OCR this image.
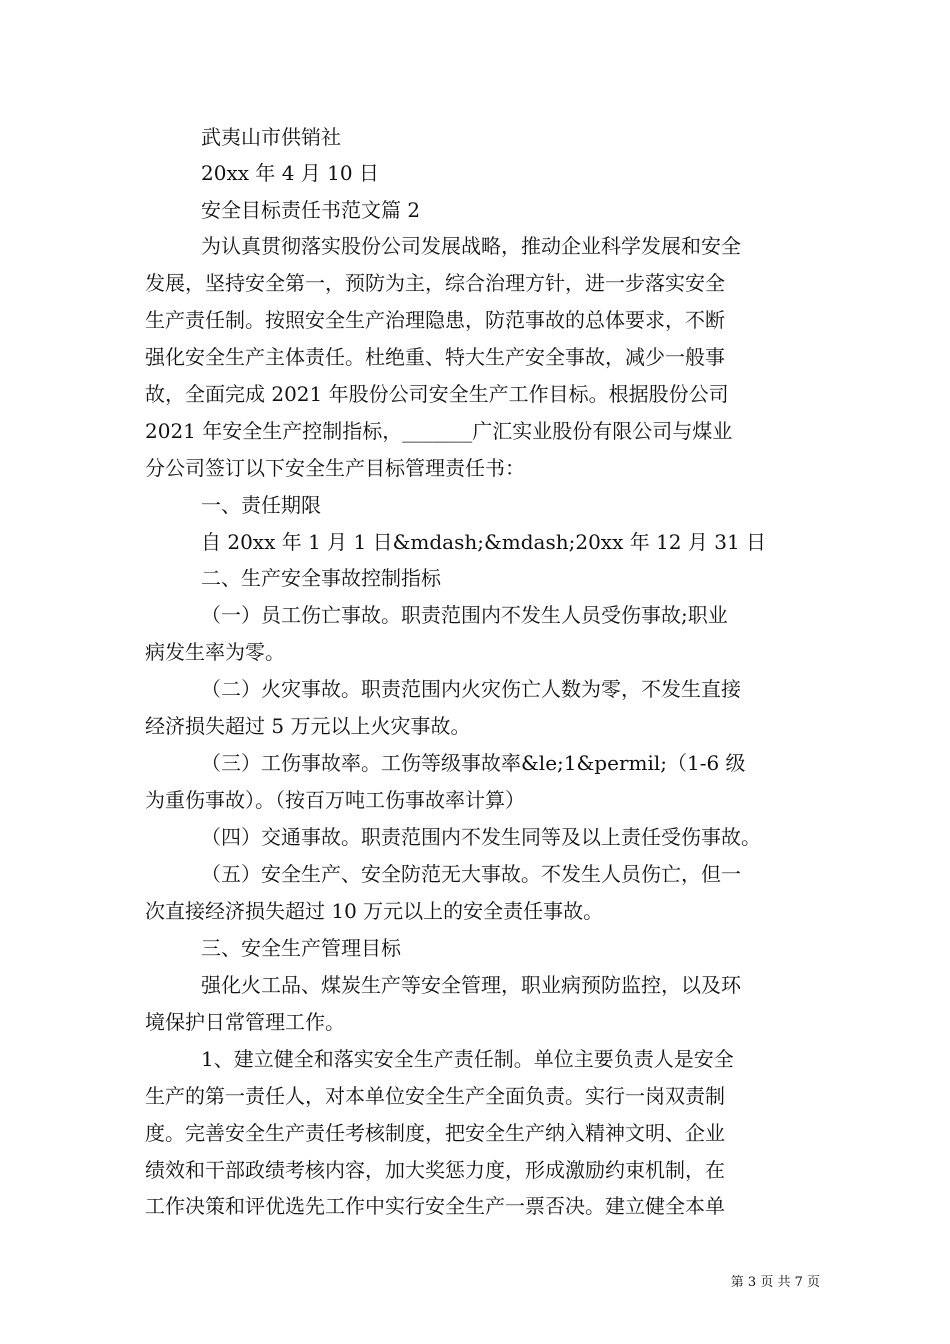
武夷山市供销社
20xx 年 4 月 10 日
安全目标责任书范文篇 2
为认真贯彻落实股份公司发展战略，推动企业科学发展和安全
发展，坚持安全第一，预防为主，综合治理方针，进一步落实安全
生产责任制。按照安全生产治理隐患，防范事故的总体要求，不断
强化安全生产主体责任。杜绝重、特大生产安全事故，减少一般事
故，全面完成 2021 年股份公司安全生产工作目标。根据股份公司
2021 年安全生产控制指标，_______广汇实业股份有限公司与煤业
分公司签订以下安全生产目标管理责任书：
一、责任期限
自 20xx 年 1 月 1 日&mdash;&mdash;20xx 年 12 月 31 日
二、生产安全事故控制指标
（一）员工伤亡事故。职责范围内不发生人员受伤事故;职业
病发生率为零。
（二）火灾事故。职责范围内火灾伤亡人数为零，不发生直接
经济损失超过 5 万元以上火灾事故。
（三）工伤事故率。工伤等级事故率&le;1&permil;（1-6 级
为重伤事故）。（按百万吨工伤事故率计算）
（四）交通事故。职责范围内不发生同等及以上责任受伤事故。
（五）安全生产、安全防范无大事故。不发生人员伤亡，但一
次直接经济损失超过 10 万元以上的安全责任事故。
三、安全生产管理目标
强化火工品、煤炭生产等安全管理，职业病预防监控，以及环
境保护日常管理工作。
1、建立健全和落实安全生产责任制。单位主要负责人是安全
生产的第一责任人，对本单位安全生产全面负责。实行一岗双责制
度。完善安全生产责任考核制度，把安全生产纳入精神文明、企业
绩效和干部政绩考核内容，加大奖惩力度，形成激励约束机制，在
工作决策和评优选先工作中实行安全生产一票否决。建立健全本单
第 3 页 共 7 页
